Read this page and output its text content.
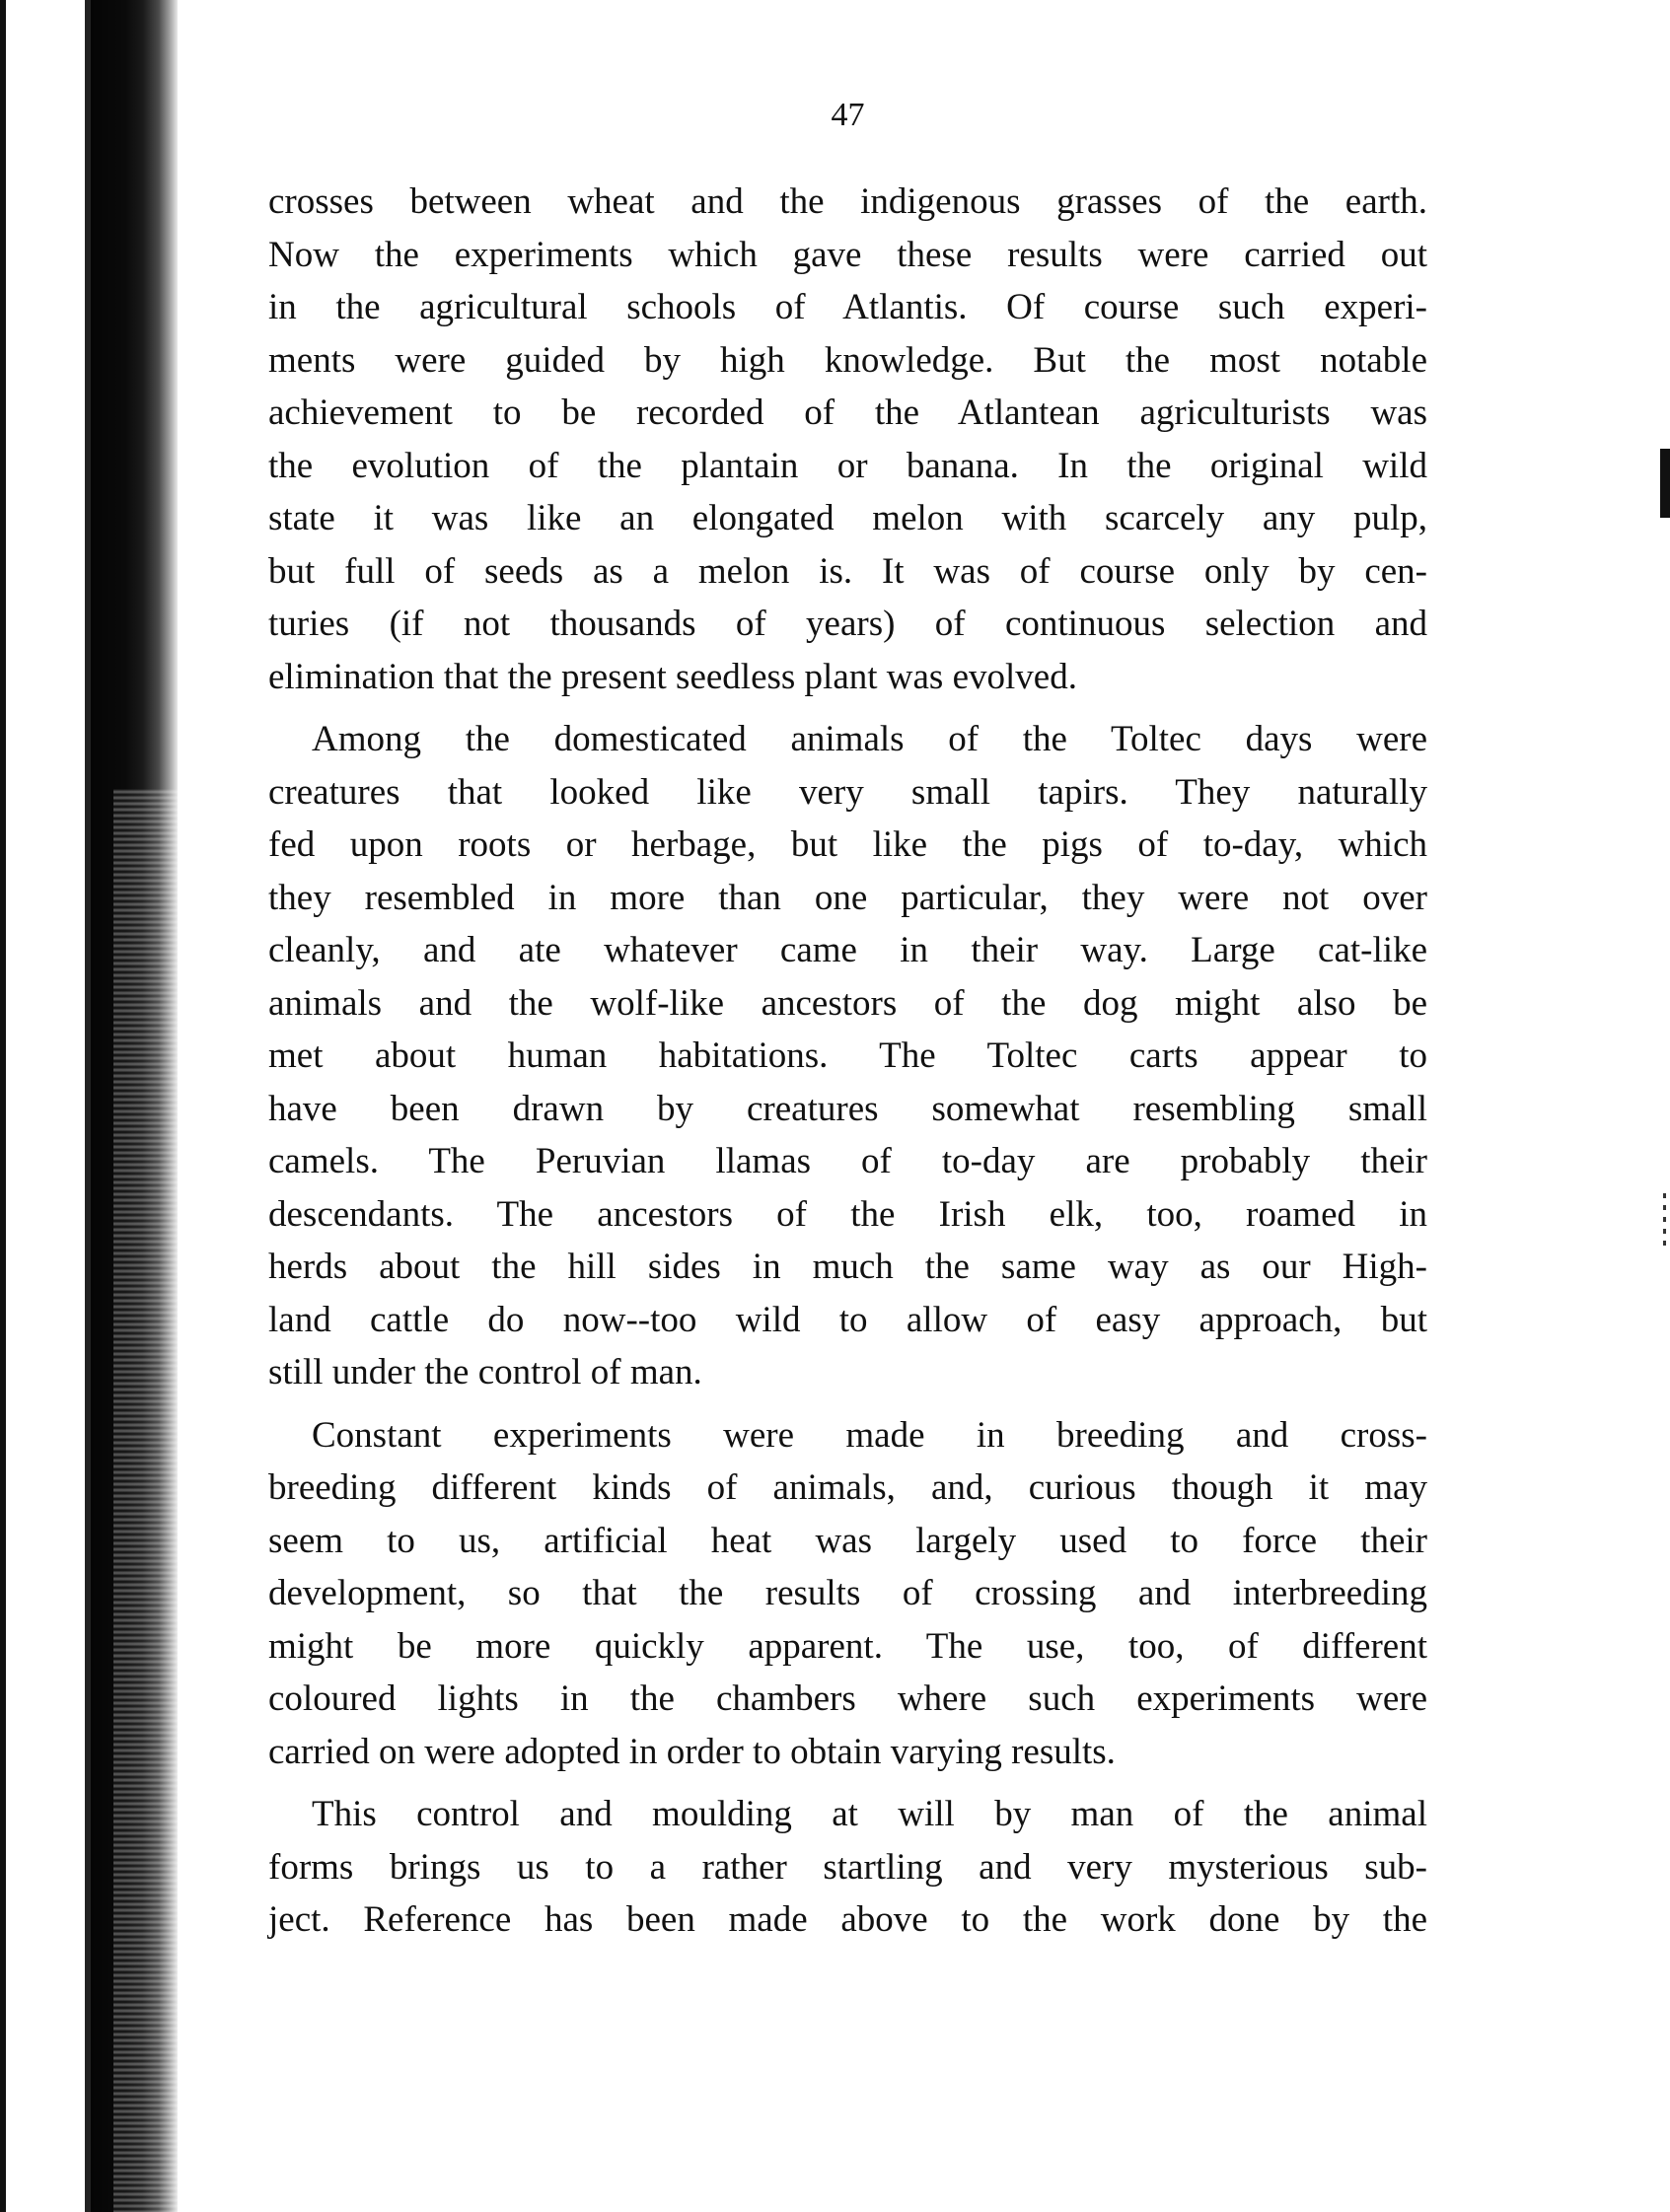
47
crosses between wheat and the indigenous grasses of the earth.
Now the experiments which gave these results were carried out
in the agricultural schools of Atlantis. Of course such experi-
ments were guided by high knowledge. But the most notable
achievement to be recorded of the Atlantean agriculturists was
the evolution of the plantain or banana. In the original wild
state it was like an elongated melon with scarcely any pulp,
but full of seeds as a melon is. It was of course only by cen-
turies (if not thousands of years) of continuous selection and
elimination that the present seedless plant was evolved.
Among the domesticated animals of the Toltec days were
creatures that looked like very small tapirs. They naturally
fed upon roots or herbage, but like the pigs of to-day, which
they resembled in more than one particular, they were not over
cleanly, and ate whatever came in their way. Large cat-like
animals and the wolf-like ancestors of the dog might also be
met about human habitations. The Toltec carts appear to
have been drawn by creatures somewhat resembling small
camels. The Peruvian llamas of to-day are probably their
descendants. The ancestors of the Irish elk, too, roamed in
herds about the hill sides in much the same way as our High-
land cattle do now--too wild to allow of easy approach, but
still under the control of man.
Constant experiments were made in breeding and cross-
breeding different kinds of animals, and, curious though it may
seem to us, artificial heat was largely used to force their
development, so that the results of crossing and interbreeding
might be more quickly apparent. The use, too, of different
coloured lights in the chambers where such experiments were
carried on were adopted in order to obtain varying results.
This control and moulding at will by man of the animal
forms brings us to a rather startling and very mysterious sub-
ject. Reference has been made above to the work done by the
